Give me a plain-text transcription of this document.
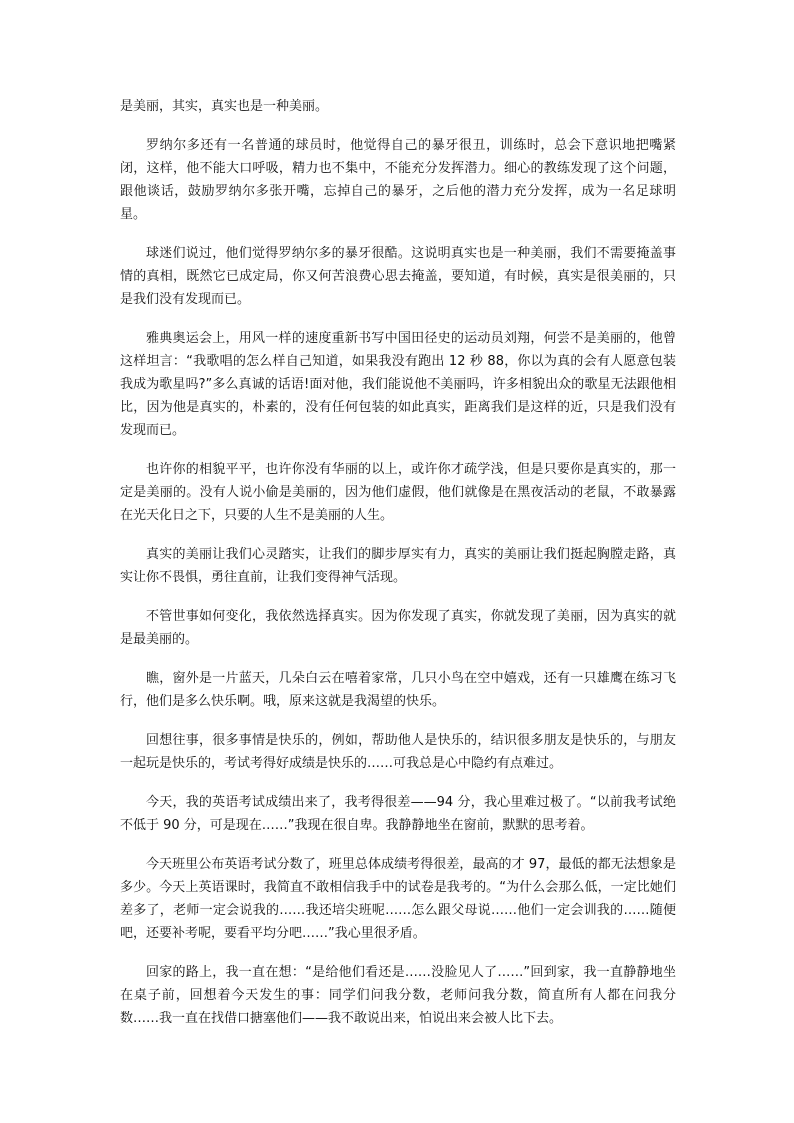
是美丽，其实，真实也是一种美丽。

罗纳尔多还有一名普通的球员时，他觉得自己的暴牙很丑，训练时，总会下意识地把嘴紧闭，这样，他不能大口呼吸，精力也不集中，不能充分发挥潜力。细心的教练发现了这个问题，跟他谈话，鼓励罗纳尔多张开嘴，忘掉自己的暴牙，之后他的潜力充分发挥，成为一名足球明星。

球迷们说过，他们觉得罗纳尔多的暴牙很酷。这说明真实也是一种美丽，我们不需要掩盖事情的真相，既然它已成定局，你又何苦浪费心思去掩盖，要知道，有时候，真实是很美丽的，只是我们没有发现而已。

雅典奥运会上，用风一样的速度重新书写中国田径史的运动员刘翔，何尝不是美丽的，他曾这样坦言：“我歌唱的怎么样自己知道，如果我没有跑出 12 秒 88，你以为真的会有人愿意包装我成为歌星吗?”多么真诚的话语!面对他，我们能说他不美丽吗，许多相貌出众的歌星无法跟他相比，因为他是真实的，朴素的，没有任何包装的如此真实，距离我们是这样的近，只是我们没有发现而已。

也许你的相貌平平，也许你没有华丽的以上，或许你才疏学浅，但是只要你是真实的，那一定是美丽的。没有人说小偷是美丽的，因为他们虚假，他们就像是在黑夜活动的老鼠，不敢暴露在光天化日之下，只要的人生不是美丽的人生。

真实的美丽让我们心灵踏实，让我们的脚步厚实有力，真实的美丽让我们挺起胸膛走路，真实让你不畏惧，勇往直前，让我们变得神气活现。

不管世事如何变化，我依然选择真实。因为你发现了真实，你就发现了美丽，因为真实的就是最美丽的。

瞧，窗外是一片蓝天，几朵白云在嘻着家常，几只小鸟在空中嬉戏，还有一只雄鹰在练习飞行，他们是多么快乐啊。哦，原来这就是我渴望的快乐。

回想往事，很多事情是快乐的，例如，帮助他人是快乐的，结识很多朋友是快乐的，与朋友一起玩是快乐的，考试考得好成绩是快乐的……可我总是心中隐约有点难过。

今天，我的英语考试成绩出来了，我考得很差——94 分，我心里难过极了。“以前我考试绝不低于 90 分，可是现在……”我现在很自卑。我静静地坐在窗前，默默的思考着。

今天班里公布英语考试分数了，班里总体成绩考得很差，最高的才 97，最低的都无法想象是多少。今天上英语课时，我简直不敢相信我手中的试卷是我考的。“为什么会那么低，一定比她们差多了，老师一定会说我的……我还培尖班呢……怎么跟父母说……他们一定会训我的……随便吧，还要补考呢，要看平均分吧……”我心里很矛盾。

回家的路上，我一直在想：“是给他们看还是……没脸见人了……”回到家，我一直静静地坐在桌子前，回想着今天发生的事：同学们问我分数，老师问我分数，简直所有人都在问我分数……我一直在找借口搪塞他们——我不敢说出来，怕说出来会被人比下去。
